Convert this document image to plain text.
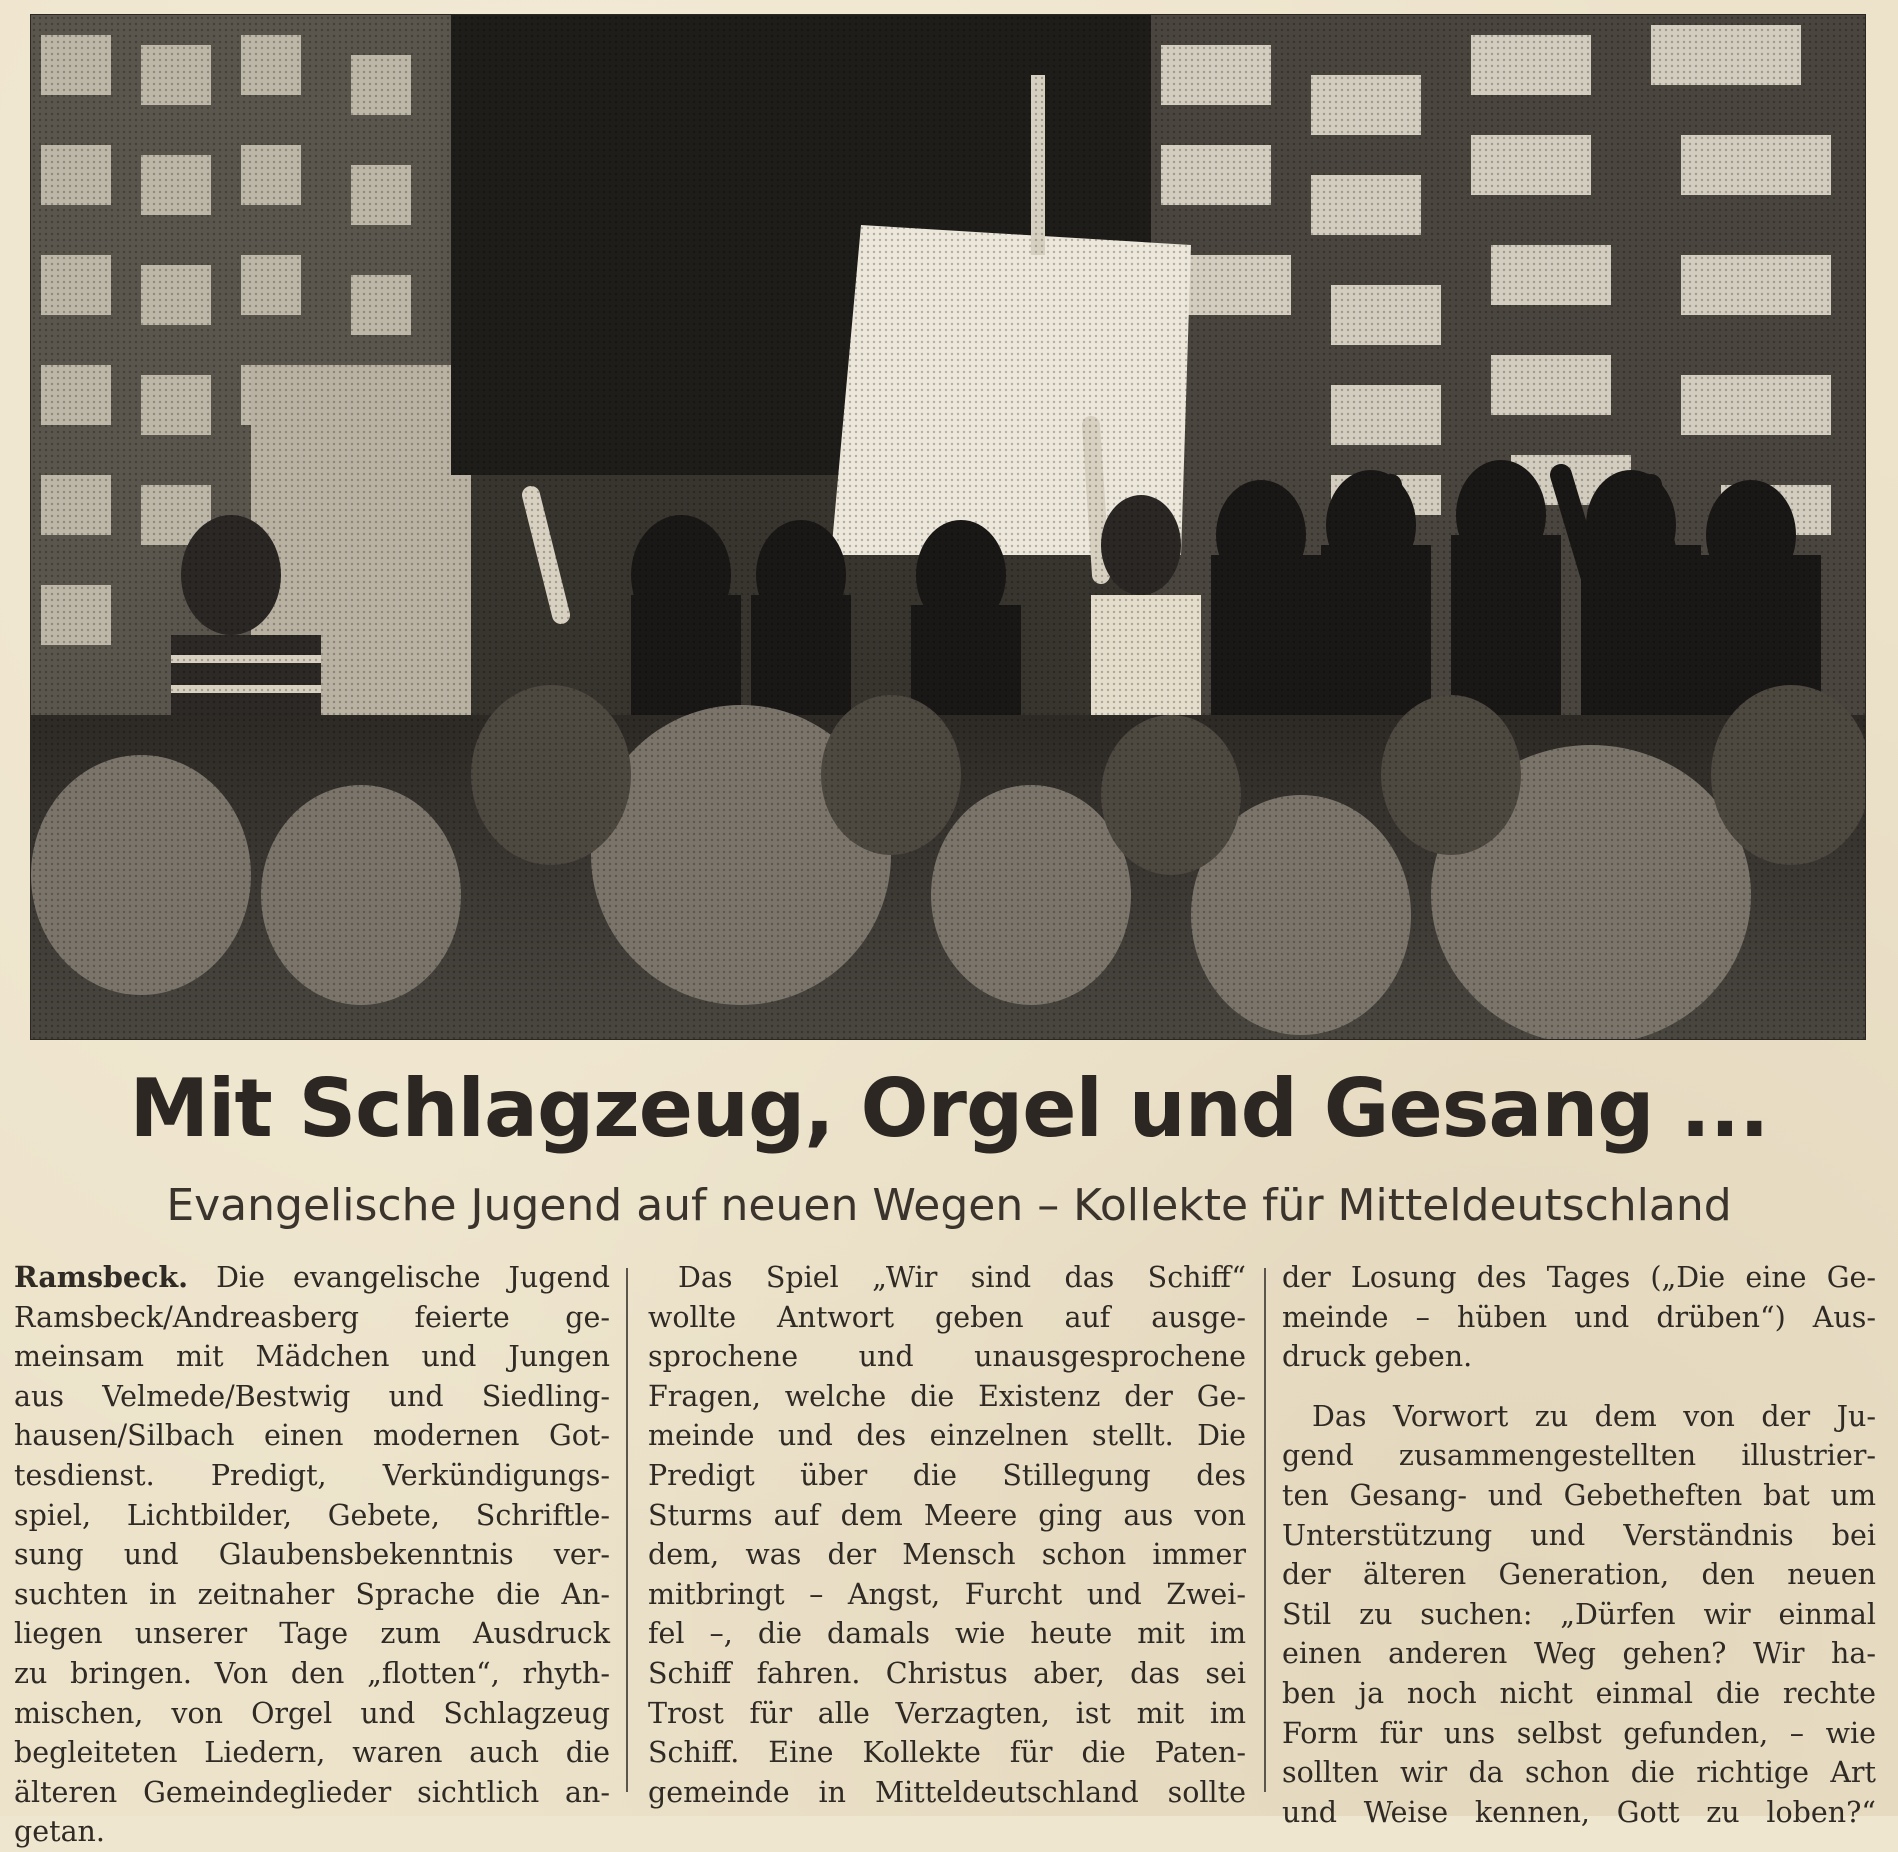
Mit Schlagzeug, Orgel und Gesang ...
Evangelische Jugend auf neuen Wegen – Kollekte für Mitteldeutschland
Ramsbeck. Die evangelische Jugend
Ramsbeck/Andreasberg feierte ge-
meinsam mit Mädchen und Jungen
aus Velmede/Bestwig und Siedling-
hausen/Silbach einen modernen Got-
tesdienst. Predigt, Verkündigungs-
spiel, Lichtbilder, Gebete, Schriftle-
sung und Glaubensbekenntnis ver-
suchten in zeitnaher Sprache die An-
liegen unserer Tage zum Ausdruck
zu bringen. Von den „flotten“, rhyth-
mischen, von Orgel und Schlagzeug
begleiteten Liedern, waren auch die
älteren Gemeindeglieder sichtlich an-
getan.
Das Spiel „Wir sind das Schiff“
wollte Antwort geben auf ausge-
sprochene und unausgesprochene
Fragen, welche die Existenz der Ge-
meinde und des einzelnen stellt. Die
Predigt über die Stillegung des
Sturms auf dem Meere ging aus von
dem, was der Mensch schon immer
mitbringt – Angst, Furcht und Zwei-
fel –, die damals wie heute mit im
Schiff fahren. Christus aber, das sei
Trost für alle Verzagten, ist mit im
Schiff. Eine Kollekte für die Paten-
gemeinde in Mitteldeutschland sollte
der Losung des Tages („Die eine Ge-
meinde – hüben und drüben“) Aus-
druck geben.
Das Vorwort zu dem von der Ju-
gend zusammengestellten illustrier-
ten Gesang- und Gebetheften bat um
Unterstützung und Verständnis bei
der älteren Generation, den neuen
Stil zu suchen: „Dürfen wir einmal
einen anderen Weg gehen? Wir ha-
ben ja noch nicht einmal die rechte
Form für uns selbst gefunden, – wie
sollten wir da schon die richtige Art
und Weise kennen, Gott zu loben?“
